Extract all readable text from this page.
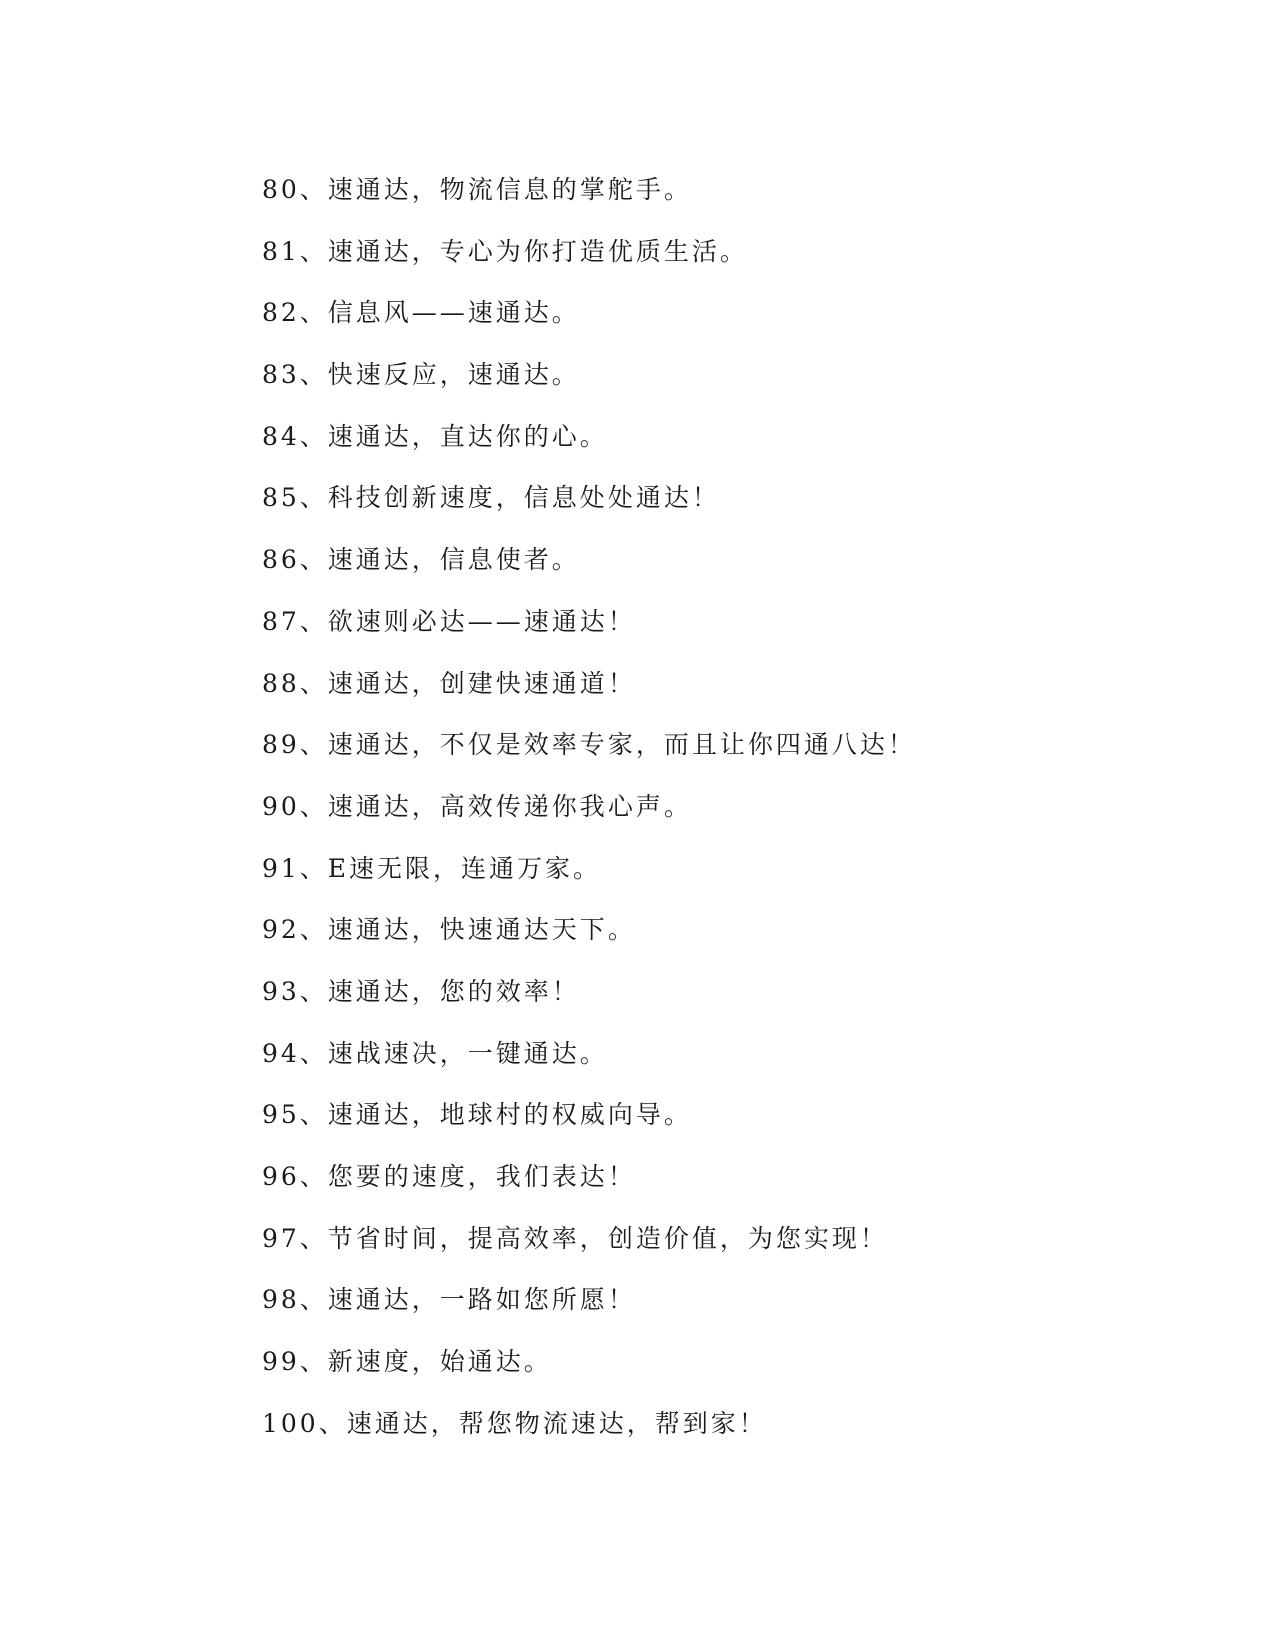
80、速通达，物流信息的掌舵手。
81、速通达，专心为你打造优质生活。
82、信息风——速通达。
83、快速反应，速通达。
84、速通达，直达你的心。
85、科技创新速度，信息处处通达！
86、速通达，信息使者。
87、欲速则必达——速通达！
88、速通达，创建快速通道！
89、速通达，不仅是效率专家，而且让你四通八达！
90、速通达，高效传递你我心声。
91、E速无限，连通万家。
92、速通达，快速通达天下。
93、速通达，您的效率！
94、速战速决，一键通达。
95、速通达，地球村的权威向导。
96、您要的速度，我们表达！
97、节省时间，提高效率，创造价值，为您实现！
98、速通达，一路如您所愿！
99、新速度，始通达。
100、速通达，帮您物流速达，帮到家！
